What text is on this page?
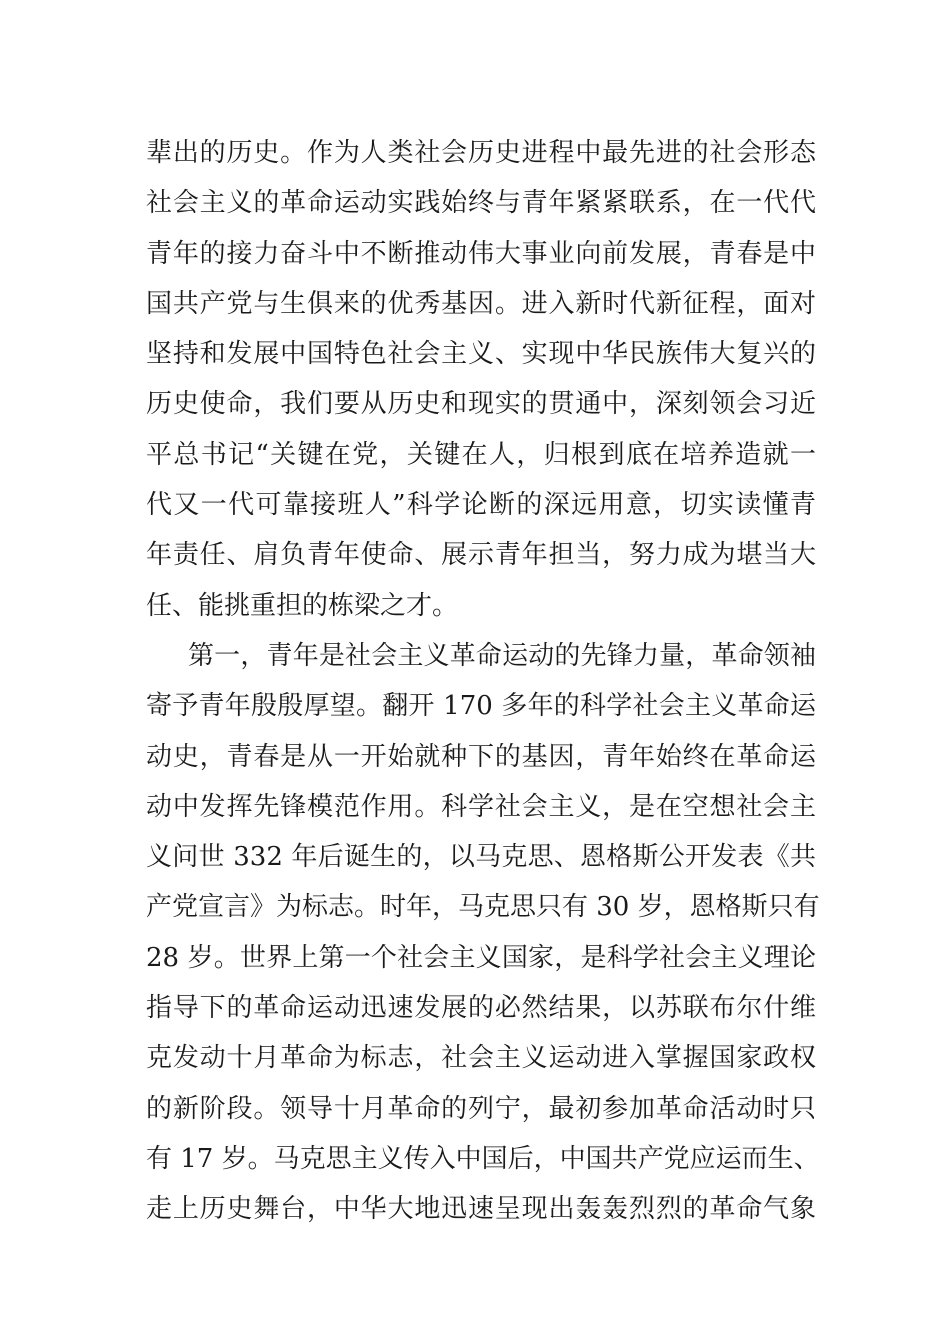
辈出的历史。作为人类社会历史进程中最先进的社会形态
社会主义的革命运动实践始终与青年紧紧联系，在一代代
青年的接力奋斗中不断推动伟大事业向前发展，青春是中
国共产党与生俱来的优秀基因。进入新时代新征程，面对
坚持和发展中国特色社会主义、实现中华民族伟大复兴的
历史使命，我们要从历史和现实的贯通中，深刻领会习近
平总书记“关键在党，关键在人，归根到底在培养造就一
代又一代可靠接班人”科学论断的深远用意，切实读懂青
年责任、肩负青年使命、展示青年担当，努力成为堪当大
任、能挑重担的栋梁之才。
第一，青年是社会主义革命运动的先锋力量，革命领袖
寄予青年殷殷厚望。翻开 170 多年的科学社会主义革命运
动史，青春是从一开始就种下的基因，青年始终在革命运
动中发挥先锋模范作用。科学社会主义，是在空想社会主
义问世 332 年后诞生的，以马克思、恩格斯公开发表《共
产党宣言》为标志。时年，马克思只有 30 岁，恩格斯只有
28 岁。世界上第一个社会主义国家，是科学社会主义理论
指导下的革命运动迅速发展的必然结果，以苏联布尔什维
克发动十月革命为标志，社会主义运动进入掌握国家政权
的新阶段。领导十月革命的列宁，最初参加革命活动时只
有 17 岁。马克思主义传入中国后，中国共产党应运而生、
走上历史舞台，中华大地迅速呈现出轰轰烈烈的革命气象
